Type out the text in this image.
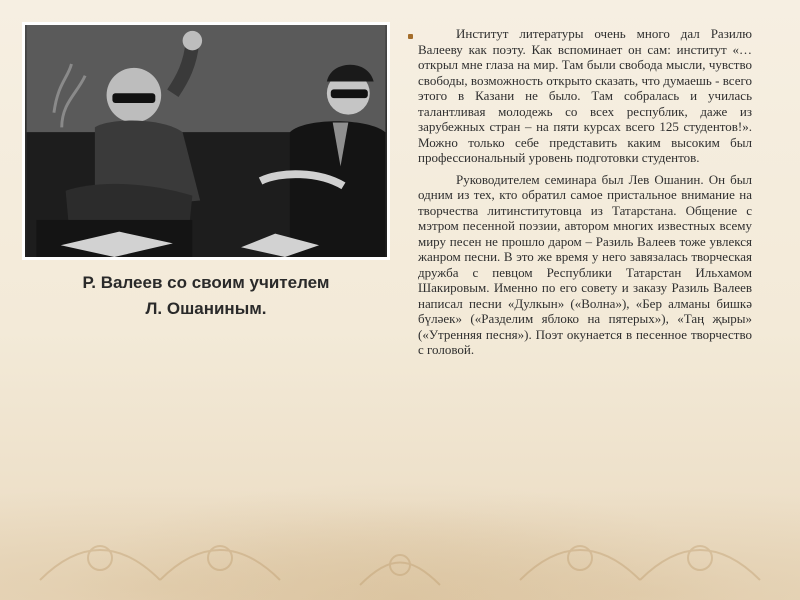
Р. Валеев со своим учителем
Л. Ошаниным.

Институт литературы очень много дал Разилю Валееву как поэту. Как вспоминает он сам: институт «…открыл мне глаза на мир. Там были свобода мысли, чувство свободы, возможность открыто сказать, что думаешь - всего этого в Казани не было. Там собралась и училась талантливая молодежь со всех республик, даже из зарубежных стран – на пяти курсах всего 125 студентов!». Можно только себе представить каким высоким был профессиональный уровень подготовки студентов.

Руководителем семинара был Лев Ошанин. Он был одним из тех, кто обратил самое пристальное внимание на творчества литинститутовца из Татарстана. Общение с мэтром песенной поэзии, автором многих известных всему миру песен не прошло даром – Разиль Валеев тоже увлекся жанром песни. В это же время у него завязалась творческая дружба с певцом Республики Татарстан Ильхамом Шакировым. Именно по его совету и заказу Разиль Валеев написал песни «Дулкын» («Волна»), «Бер алманы бишкә бүләек» («Разделим яблоко на пятерых»), «Таң җыры» («Утренняя песня»). Поэт окунается в песенное творчество с головой.
